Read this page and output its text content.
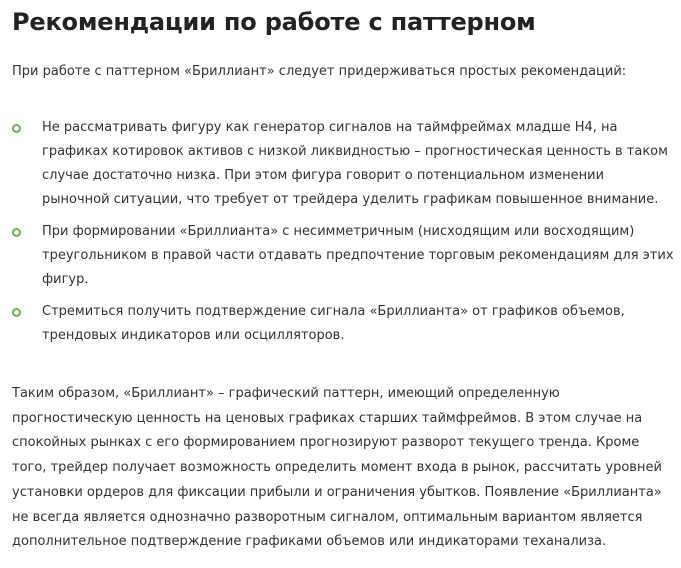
Рекомендации по работе с паттерном

При работе с паттерном «Бриллиант» следует придерживаться простых рекомендаций:

Не рассматривать фигуру как генератор сигналов на таймфреймах младше H4, на графиках котировок активов с низкой ликвидностью – прогностическая ценность в таком случае достаточно низка. При этом фигура говорит о потенциальном изменении рыночной ситуации, что требует от трейдера уделить графикам повышенное внимание.
При формировании «Бриллианта» с несимметричным (нисходящим или восходящим) треугольником в правой части отдавать предпочтение торговым рекомендациям для этих фигур.
Стремиться получить подтверждение сигнала «Бриллианта» от графиков объемов, трендовых индикаторов или осцилляторов.

Таким образом, «Бриллиант» – графический паттерн, имеющий определенную прогностическую ценность на ценовых графиках старших таймфреймов. В этом случае на спокойных рынках с его формированием прогнозируют разворот текущего тренда. Кроме того, трейдер получает возможность определить момент входа в рынок, рассчитать уровней установки ордеров для фиксации прибыли и ограничения убытков. Появление «Бриллианта» не всегда является однозначно разворотным сигналом, оптимальным вариантом является дополнительное подтверждение графиками объемов или индикаторами теханализа.
